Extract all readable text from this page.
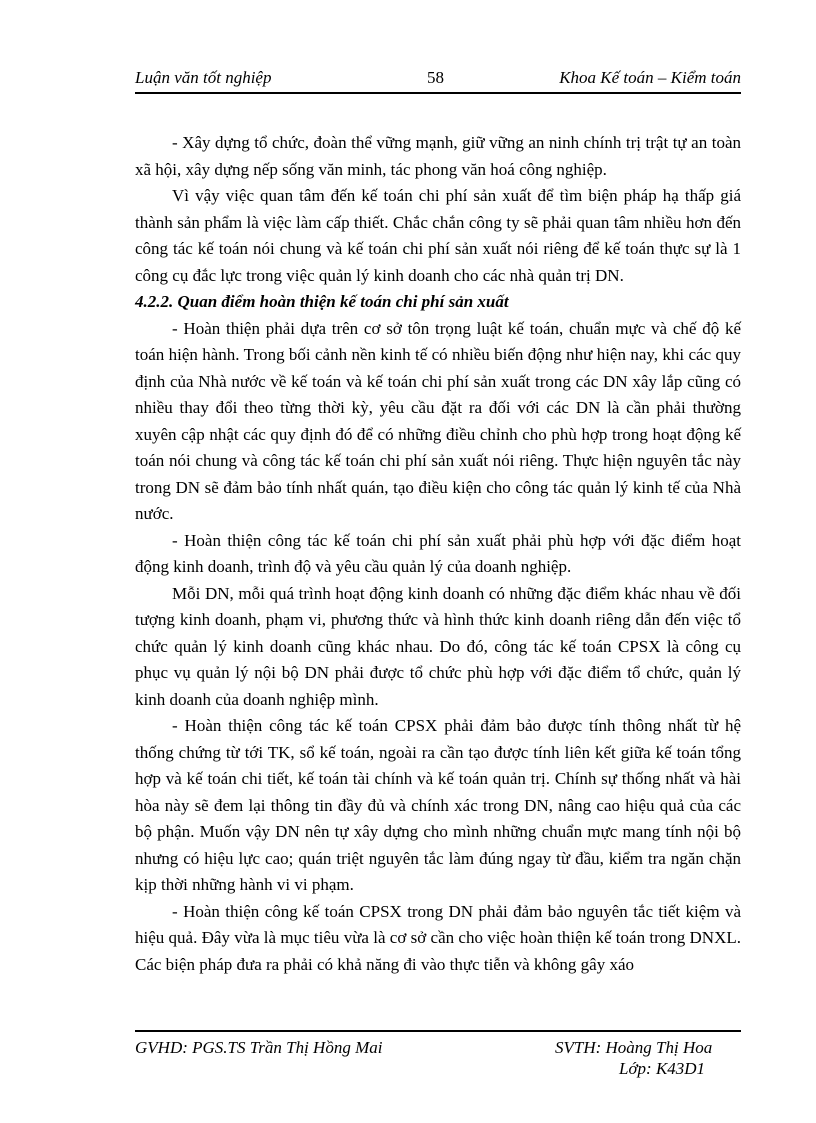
Luận văn tốt nghiệp	58	Khoa Kế toán – Kiểm toán

- Xây dựng tổ chức, đoàn thể vững mạnh, giữ vững an ninh chính trị trật tự an toàn xã hội, xây dựng nếp sống văn minh, tác phong văn hoá công nghiệp.

Vì vậy việc quan tâm đến kế toán chi phí sản xuất để tìm biện pháp hạ thấp giá thành sản phẩm là việc làm cấp thiết. Chắc chắn công ty sẽ phải quan tâm nhiều hơn đến công tác kế toán nói chung và kế toán chi phí sản xuất nói riêng để kế toán thực sự là 1 công cụ đắc lực trong việc quản lý kinh doanh cho các nhà quản trị DN.

4.2.2. Quan điểm hoàn thiện kế toán chi phí sản xuất

- Hoàn thiện phải dựa trên cơ sở tôn trọng luật kế toán, chuẩn mực và chế độ kế toán hiện hành. Trong bối cảnh nền kinh tế có nhiều biến động như hiện nay, khi các quy định của Nhà nước về kế toán và kế toán chi phí sản xuất trong các DN xây lắp cũng có nhiều thay đổi theo từng thời kỳ, yêu cầu đặt ra đối với các DN là cần phải thường xuyên cập nhật các quy định đó để có những điều chỉnh cho phù hợp trong hoạt động kế toán nói chung và công tác kế toán chi phí sản xuất nói riêng. Thực hiện nguyên tắc này trong DN sẽ đảm bảo tính nhất quán, tạo điều kiện cho công tác quản lý kinh tế của Nhà nước.

- Hoàn thiện công tác kế toán chi phí sản xuất phải phù hợp với đặc điểm hoạt động kinh doanh, trình độ và yêu cầu quản lý của doanh nghiệp.

Mỗi DN, mỗi quá trình hoạt động kinh doanh có những đặc điểm khác nhau về đối tượng kinh doanh, phạm vi, phương thức và hình thức kinh doanh riêng dẫn đến việc tổ chức quản lý kinh doanh cũng khác nhau. Do đó, công tác kế toán CPSX là công cụ phục vụ quản lý nội bộ DN phải được tổ chức phù hợp với đặc điểm tổ chức, quản lý kinh doanh của doanh nghiệp mình.

- Hoàn thiện công tác kế toán CPSX phải đảm bảo được tính thông nhất từ hệ thống chứng từ tới TK, sổ kế toán, ngoài ra cần tạo được tính liên kết giữa kế toán tổng hợp và kế toán chi tiết, kế toán tài chính và kế toán quản trị. Chính sự thống nhất và hài hòa này sẽ đem lại thông tin đầy đủ và chính xác trong DN, nâng cao hiệu quả của các bộ phận. Muốn vậy DN nên tự xây dựng cho mình những chuẩn mực mang tính nội bộ nhưng có hiệu lực cao; quán triệt nguyên tắc làm đúng ngay từ đầu, kiểm tra ngăn chặn kịp thời những hành vi vi phạm.

- Hoàn thiện công kế toán CPSX trong DN phải đảm bảo nguyên tắc tiết kiệm và hiệu quả. Đây vừa là mục tiêu vừa là cơ sở cần cho việc hoàn thiện kế toán trong DNXL. Các biện pháp đưa ra phải có khả năng đi vào thực tiễn và không gây xáo

GVHD: PGS.TS Trần Thị Hồng Mai	SVTH: Hoàng Thị Hoa
Lớp: K43D1
